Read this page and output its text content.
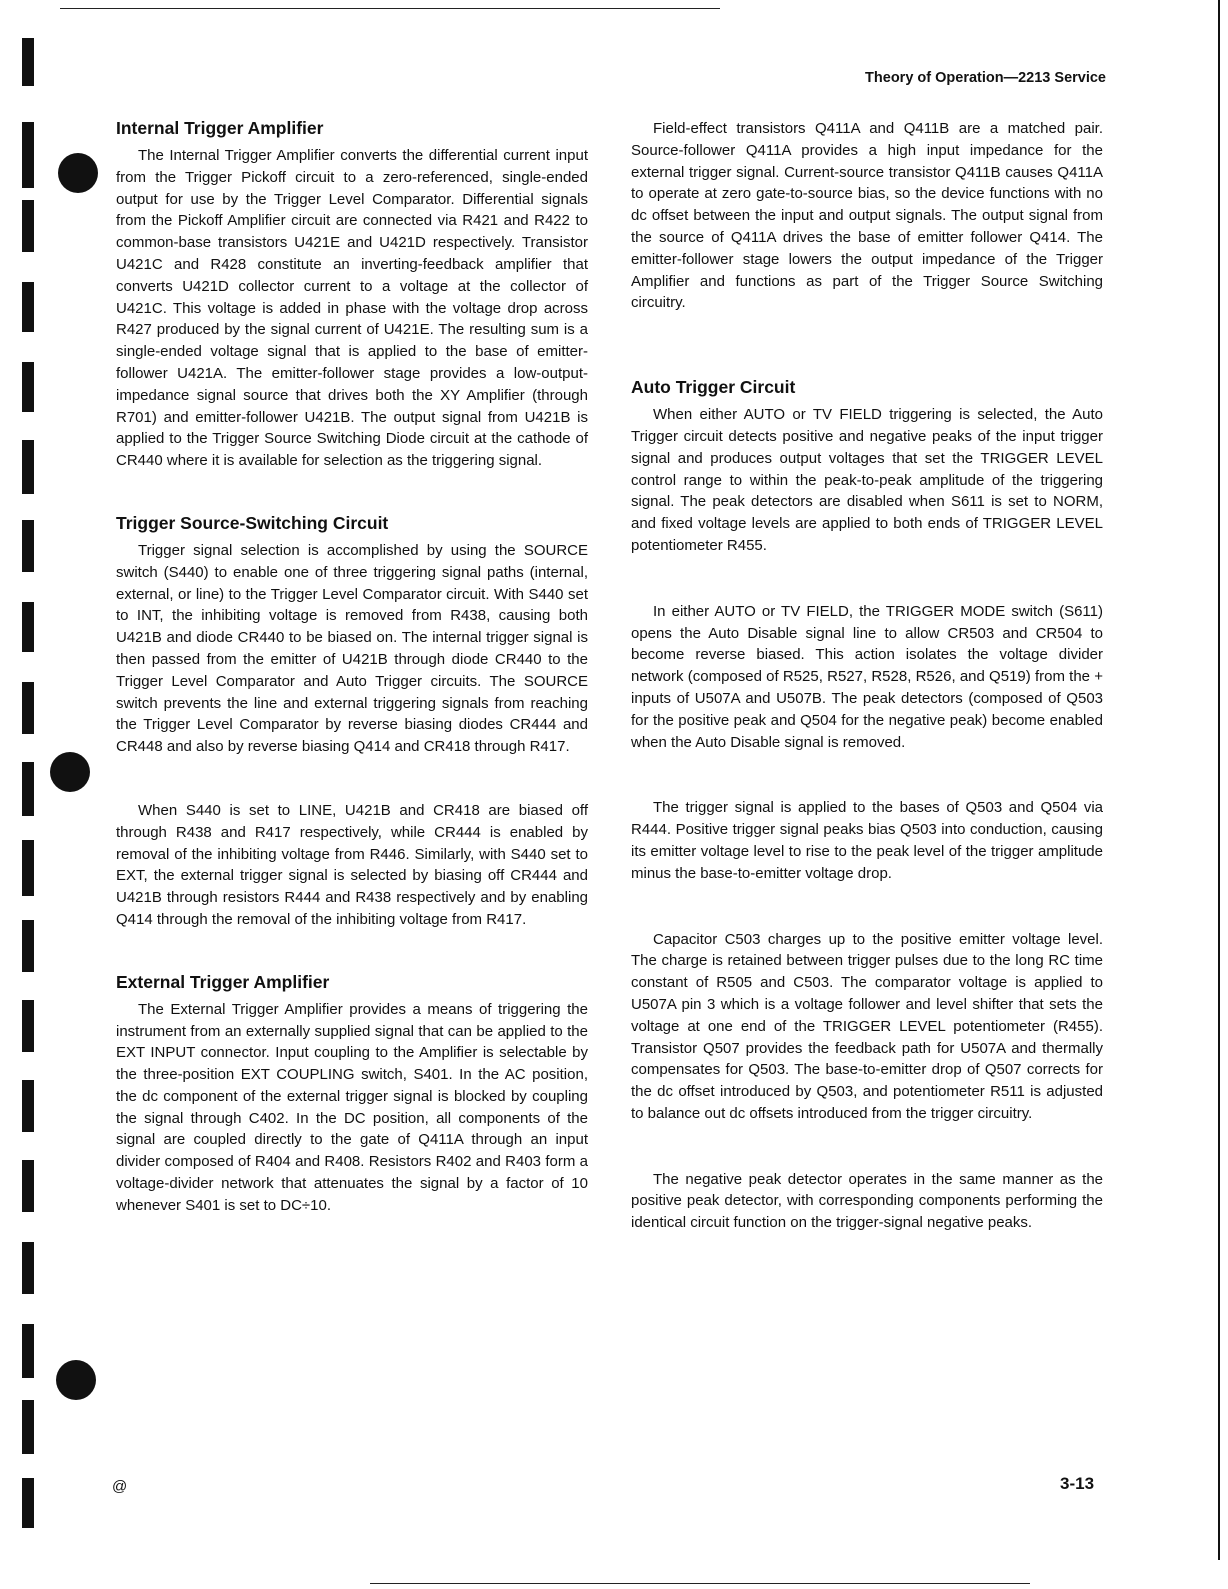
Theory of Operation—2213 Service
Internal Trigger Amplifier

The Internal Trigger Amplifier converts the differential current input from the Trigger Pickoff circuit to a zero-referenced, single-ended output for use by the Trigger Level Comparator. Differential signals from the Pickoff Amplifier circuit are connected via R421 and R422 to common-base transistors U421E and U421D respectively. Transistor U421C and R428 constitute an inverting-feedback amplifier that converts U421D collector current to a voltage at the collector of U421C. This voltage is added in phase with the voltage drop across R427 produced by the signal current of U421E. The resulting sum is a single-ended voltage signal that is applied to the base of emitter-follower U421A. The emitter-follower stage provides a low-output-impedance signal source that drives both the XY Amplifier (through R701) and emitter-follower U421B. The output signal from U421B is applied to the Trigger Source Switching Diode circuit at the cathode of CR440 where it is available for selection as the triggering signal.

Trigger Source-Switching Circuit

Trigger signal selection is accomplished by using the SOURCE switch (S440) to enable one of three triggering signal paths (internal, external, or line) to the Trigger Level Comparator circuit. With S440 set to INT, the inhibiting voltage is removed from R438, causing both U421B and diode CR440 to be biased on. The internal trigger signal is then passed from the emitter of U421B through diode CR440 to the Trigger Level Comparator and Auto Trigger circuits. The SOURCE switch prevents the line and external triggering signals from reaching the Trigger Level Comparator by reverse biasing diodes CR444 and CR448 and also by reverse biasing Q414 and CR418 through R417.

When S440 is set to LINE, U421B and CR418 are biased off through R438 and R417 respectively, while CR444 is enabled by removal of the inhibiting voltage from R446. Similarly, with S440 set to EXT, the external trigger signal is selected by biasing off CR444 and U421B through resistors R444 and R438 respectively and by enabling Q414 through the removal of the inhibiting voltage from R417.

External Trigger Amplifier

The External Trigger Amplifier provides a means of triggering the instrument from an externally supplied signal that can be applied to the EXT INPUT connector. Input coupling to the Amplifier is selectable by the three-position EXT COUPLING switch, S401. In the AC position, the dc component of the external trigger signal is blocked by coupling the signal through C402. In the DC position, all components of the signal are coupled directly to the gate of Q411A through an input divider composed of R404 and R408. Resistors R402 and R403 form a voltage-divider network that attenuates the signal by a factor of 10 whenever S401 is set to DC÷10.

Field-effect transistors Q411A and Q411B are a matched pair. Source-follower Q411A provides a high input impedance for the external trigger signal. Current-source transistor Q411B causes Q411A to operate at zero gate-to-source bias, so the device functions with no dc offset between the input and output signals. The output signal from the source of Q411A drives the base of emitter follower Q414. The emitter-follower stage lowers the output impedance of the Trigger Amplifier and functions as part of the Trigger Source Switching circuitry.

Auto Trigger Circuit

When either AUTO or TV FIELD triggering is selected, the Auto Trigger circuit detects positive and negative peaks of the input trigger signal and produces output voltages that set the TRIGGER LEVEL control range to within the peak-to-peak amplitude of the triggering signal. The peak detectors are disabled when S611 is set to NORM, and fixed voltage levels are applied to both ends of TRIGGER LEVEL potentiometer R455.

In either AUTO or TV FIELD, the TRIGGER MODE switch (S611) opens the Auto Disable signal line to allow CR503 and CR504 to become reverse biased. This action isolates the voltage divider network (composed of R525, R527, R528, R526, and Q519) from the + inputs of U507A and U507B. The peak detectors (composed of Q503 for the positive peak and Q504 for the negative peak) become enabled when the Auto Disable signal is removed.

The trigger signal is applied to the bases of Q503 and Q504 via R444. Positive trigger signal peaks bias Q503 into conduction, causing its emitter voltage level to rise to the peak level of the trigger amplitude minus the base-to-emitter voltage drop.

Capacitor C503 charges up to the positive emitter voltage level. The charge is retained between trigger pulses due to the long RC time constant of R505 and C503. The comparator voltage is applied to U507A pin 3 which is a voltage follower and level shifter that sets the voltage at one end of the TRIGGER LEVEL potentiometer (R455). Transistor Q507 provides the feedback path for U507A and thermally compensates for Q503. The base-to-emitter drop of Q507 corrects for the dc offset introduced by Q503, and potentiometer R511 is adjusted to balance out dc offsets introduced from the trigger circuitry.

The negative peak detector operates in the same manner as the positive peak detector, with corresponding components performing the identical circuit function on the trigger-signal negative peaks.

@	3-13
